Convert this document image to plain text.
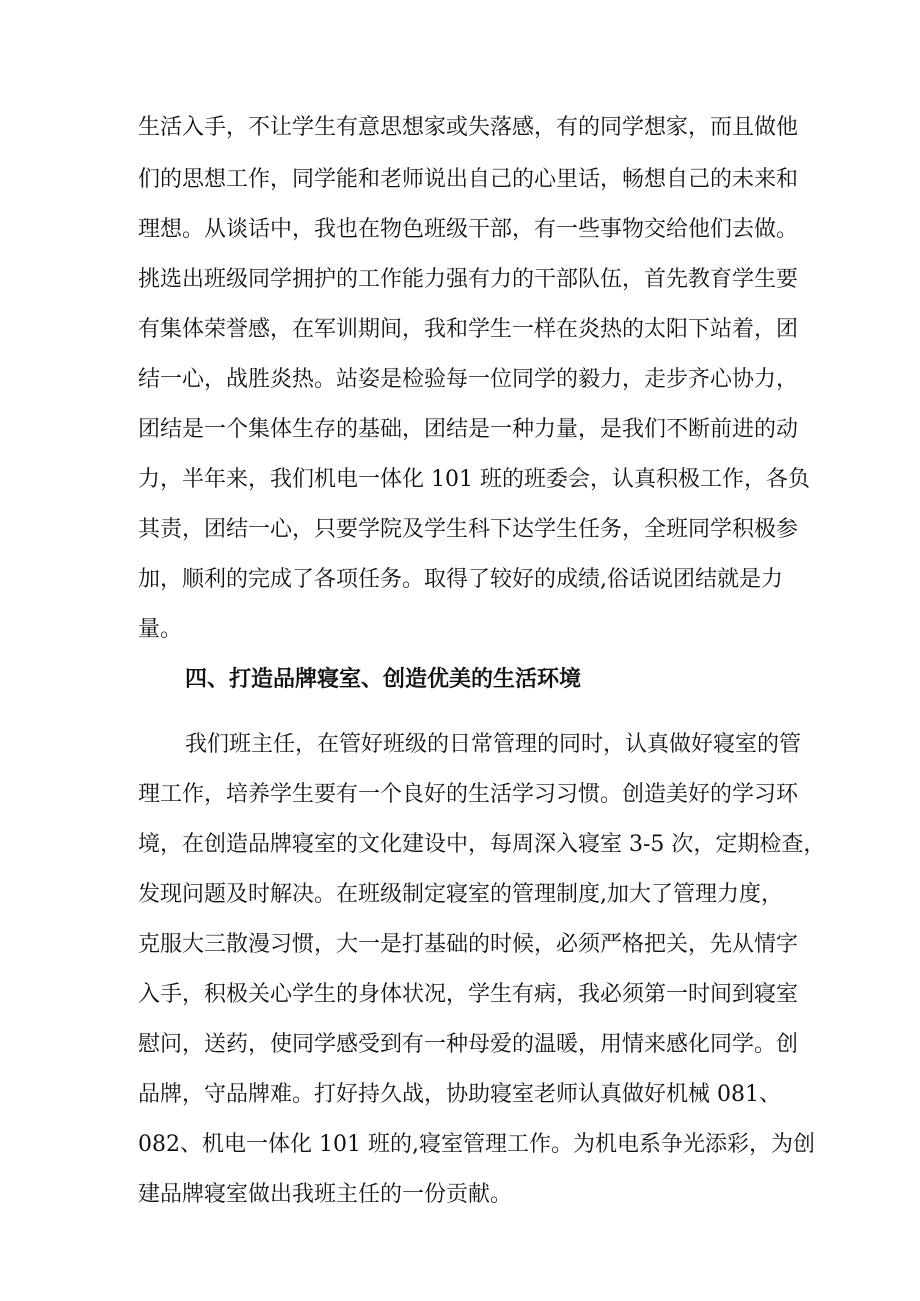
生活入手，不让学生有意思想家或失落感，有的同学想家，而且做他
们的思想工作，同学能和老师说出自己的心里话，畅想自己的未来和
理想。从谈话中，我也在物色班级干部，有一些事物交给他们去做。
挑选出班级同学拥护的工作能力强有力的干部队伍，首先教育学生要
有集体荣誉感，在军训期间，我和学生一样在炎热的太阳下站着，团
结一心，战胜炎热。站姿是检验每一位同学的毅力，走步齐心协力，
团结是一个集体生存的基础，团结是一种力量，是我们不断前进的动
力，半年来，我们机电一体化 101 班的班委会，认真积极工作，各负
其责，团结一心，只要学院及学生科下达学生任务，全班同学积极参
加，顺利的完成了各项任务。取得了较好的成绩,俗话说团结就是力
量。
四、打造品牌寝室、创造优美的生活环境
我们班主任，在管好班级的日常管理的同时，认真做好寝室的管
理工作，培养学生要有一个良好的生活学习习惯。创造美好的学习环
境，在创造品牌寝室的文化建设中，每周深入寝室 3-5 次，定期检查，
发现问题及时解决。在班级制定寝室的管理制度,加大了管理力度，
克服大三散漫习惯，大一是打基础的时候，必须严格把关，先从情字
入手，积极关心学生的身体状况，学生有病，我必须第一时间到寝室
慰问，送药，使同学感受到有一种母爱的温暖，用情来感化同学。创
品牌，守品牌难。打好持久战，协助寝室老师认真做好机械 081、
082、机电一体化 101 班的,寝室管理工作。为机电系争光添彩，为创
建品牌寝室做出我班主任的一份贡献。
